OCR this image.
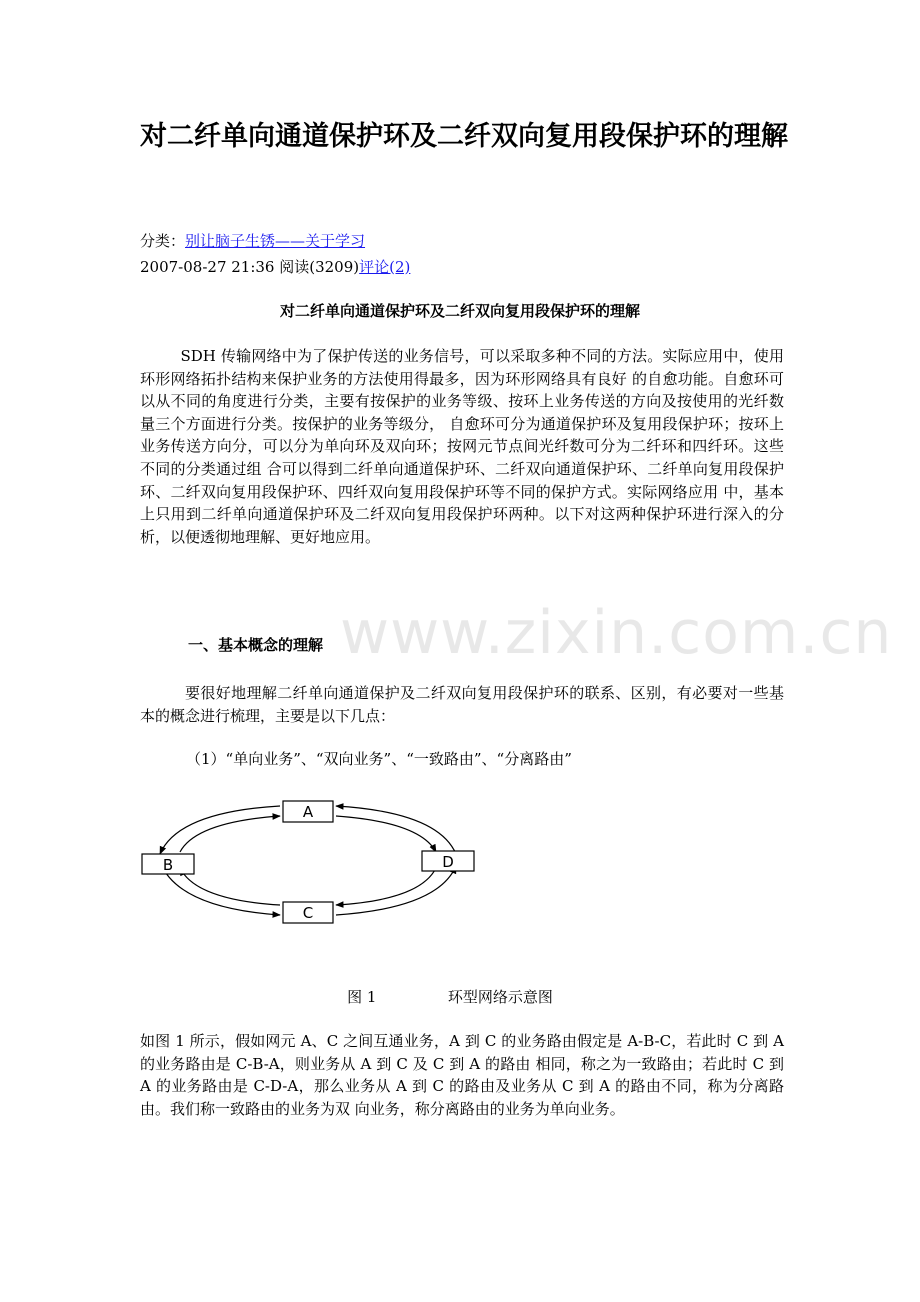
www.zixin.com.cn
对二纤单向通道保护环及二纤双向复用段保护环的理解
分类：别让脑子生锈——关于学习
2007-08-27 21:36 阅读(3209)评论(2)
对二纤单向通道保护环及二纤双向复用段保护环的理解

SDH 传输网络中为了保护传送的业务信号，可以采取多种不同的方法。实际应用中，使用环形网络拓扑结构来保护业务的方法使用得最多，因为环形网络具有良好 的自愈功能。自愈环可以从不同的角度进行分类，主要有按保护的业务等级、按环上业务传送的方向及按使用的光纤数量三个方面进行分类。按保护的业务等级分， 自愈环可分为通道保护环及复用段保护环；按环上业务传送方向分，可以分为单向环及双向环；按网元节点间光纤数可分为二纤环和四纤环。这些不同的分类通过组 合可以得到二纤单向通道保护环、二纤双向通道保护环、二纤单向复用段保护环、二纤双向复用段保护环、四纤双向复用段保护环等不同的保护方式。实际网络应用 中，基本上只用到二纤单向通道保护环及二纤双向复用段保护环两种。以下对这两种保护环进行深入的分析，以便透彻地理解、更好地应用。

一、基本概念的理解

要很好地理解二纤单向通道保护及二纤双向复用段保护环的联系、区别，有必要对一些基本的概念进行梳理，主要是以下几点：

（1）“单向业务”、“双向业务”、“一致路由”、“分离路由”

A
B
C
D

图 1               环型网络示意图

如图 1 所示，假如网元 A、C 之间互通业务，A 到 C 的业务路由假定是 A-B-C，若此时 C 到 A 的业务路由是 C-B-A，则业务从 A 到 C 及 C 到 A 的路由 相同，称之为一致路由；若此时 C 到 A 的业务路由是 C-D-A，那么业务从 A 到 C 的路由及业务从 C 到 A 的路由不同，称为分离路由。我们称一致路由的业务为双 向业务，称分离路由的业务为单向业务。
